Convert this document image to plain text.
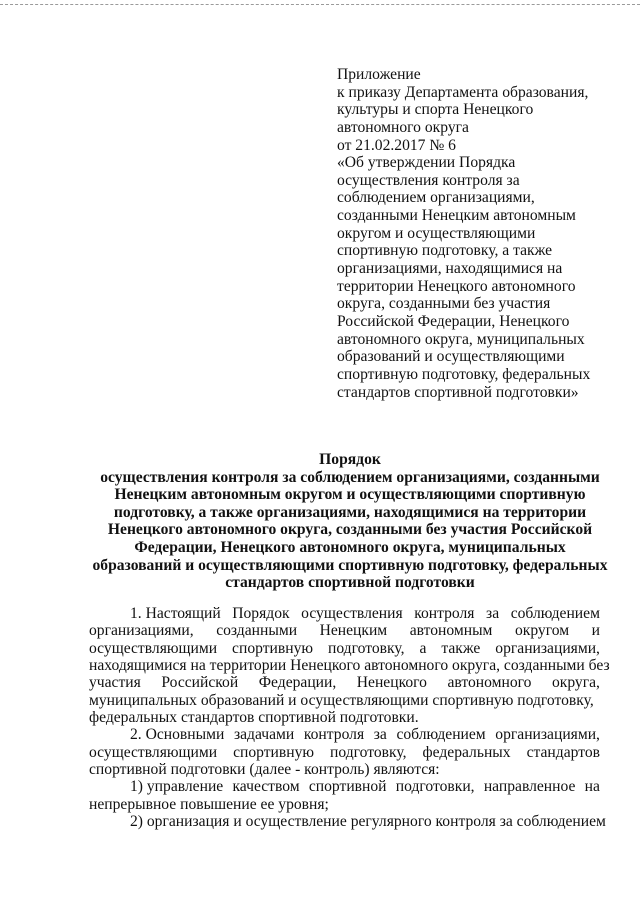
Приложение
к приказу Департамента образования,
культуры и спорта Ненецкого
автономного округа
от 21.02.2017 № 6
«Об утверждении Порядка
осуществления контроля за
соблюдением организациями,
созданными Ненецким автономным
округом и осуществляющими
спортивную подготовку, а также
организациями, находящимися на
территории Ненецкого автономного
округа, созданными без участия
Российской Федерации, Ненецкого
автономного округа, муниципальных
образований и осуществляющими
спортивную подготовку, федеральных
стандартов спортивной подготовки»
Порядок
осуществления контроля за соблюдением организациями, созданными
Ненецким автономным округом и осуществляющими спортивную
подготовку, а также организациями, находящимися на территории
Ненецкого автономного округа, созданными без участия Российской
Федерации, Ненецкого автономного округа, муниципальных
образований и осуществляющими спортивную подготовку, федеральных
стандартов спортивной подготовки
1. Настоящий Порядок осуществления контроля за соблюдением
организациями, созданными Ненецким автономным округом и
осуществляющими спортивную подготовку, а также организациями,
находящимися на территории Ненецкого автономного округа, созданными без
участия Российской Федерации, Ненецкого автономного округа,
муниципальных образований и осуществляющими спортивную подготовку,
федеральных стандартов спортивной подготовки.
2. Основными задачами контроля за соблюдением организациями,
осуществляющими спортивную подготовку, федеральных стандартов
спортивной подготовки (далее - контроль) являются:
1) управление качеством спортивной подготовки, направленное на
непрерывное повышение ее уровня;
2) организация и осуществление регулярного контроля за соблюдением
